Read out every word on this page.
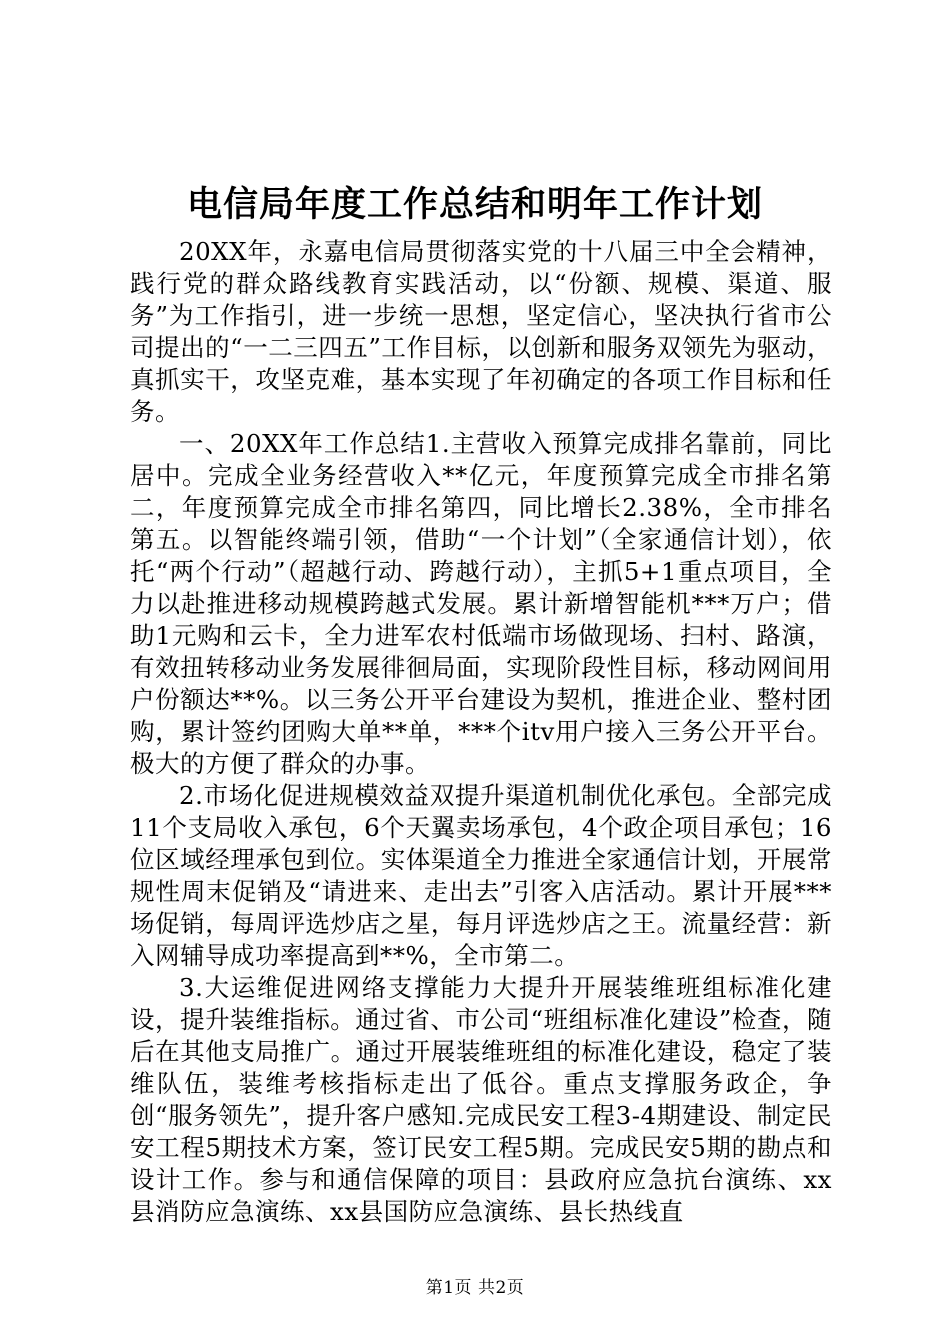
电信局年度工作总结和明年工作计划

20XX年，永嘉电信局贯彻落实党的十八届三中全会精神，践行党的群众路线教育实践活动，以“份额、规模、渠道、服务”为工作指引，进一步统一思想，坚定信心，坚决执行省市公司提出的“一二三四五”工作目标，以创新和服务双领先为驱动，真抓实干，攻坚克难，基本实现了年初确定的各项工作目标和任务。

一、20XX年工作总结1.主营收入预算完成排名靠前，同比居中。完成全业务经营收入**亿元，年度预算完成全市排名第二，年度预算完成全市排名第四，同比增长2.38%，全市排名第五。以智能终端引领，借助“一个计划”（全家通信计划），依托“两个行动”（超越行动、跨越行动），主抓5+1重点项目，全力以赴推进移动规模跨越式发展。累计新增智能机***万户；借助1元购和云卡，全力进军农村低端市场做现场、扫村、路演，有效扭转移动业务发展徘徊局面，实现阶段性目标，移动网间用户份额达**%。以三务公开平台建设为契机，推进企业、整村团购，累计签约团购大单**单，***个itv用户接入三务公开平台。极大的方便了群众的办事。

2.市场化促进规模效益双提升渠道机制优化承包。全部完成11个支局收入承包，6个天翼卖场承包，4个政企项目承包；16位区域经理承包到位。实体渠道全力推进全家通信计划，开展常规性周末促销及“请进来、走出去”引客入店活动。累计开展***场促销，每周评选炒店之星，每月评选炒店之王。流量经营：新入网辅导成功率提高到**%，全市第二。

3.大运维促进网络支撑能力大提升开展装维班组标准化建设，提升装维指标。通过省、市公司“班组标准化建设”检查，随后在其他支局推广。通过开展装维班组的标准化建设，稳定了装维队伍，装维考核指标走出了低谷。重点支撑服务政企，争创“服务领先”，提升客户感知.完成民安工程3-4期建设、制定民安工程5期技术方案，签订民安工程5期。完成民安5期的勘点和设计工作。参与和通信保障的项目：县政府应急抗台演练、xx县消防应急演练、xx县国防应急演练、县长热线直

第1页 共2页
